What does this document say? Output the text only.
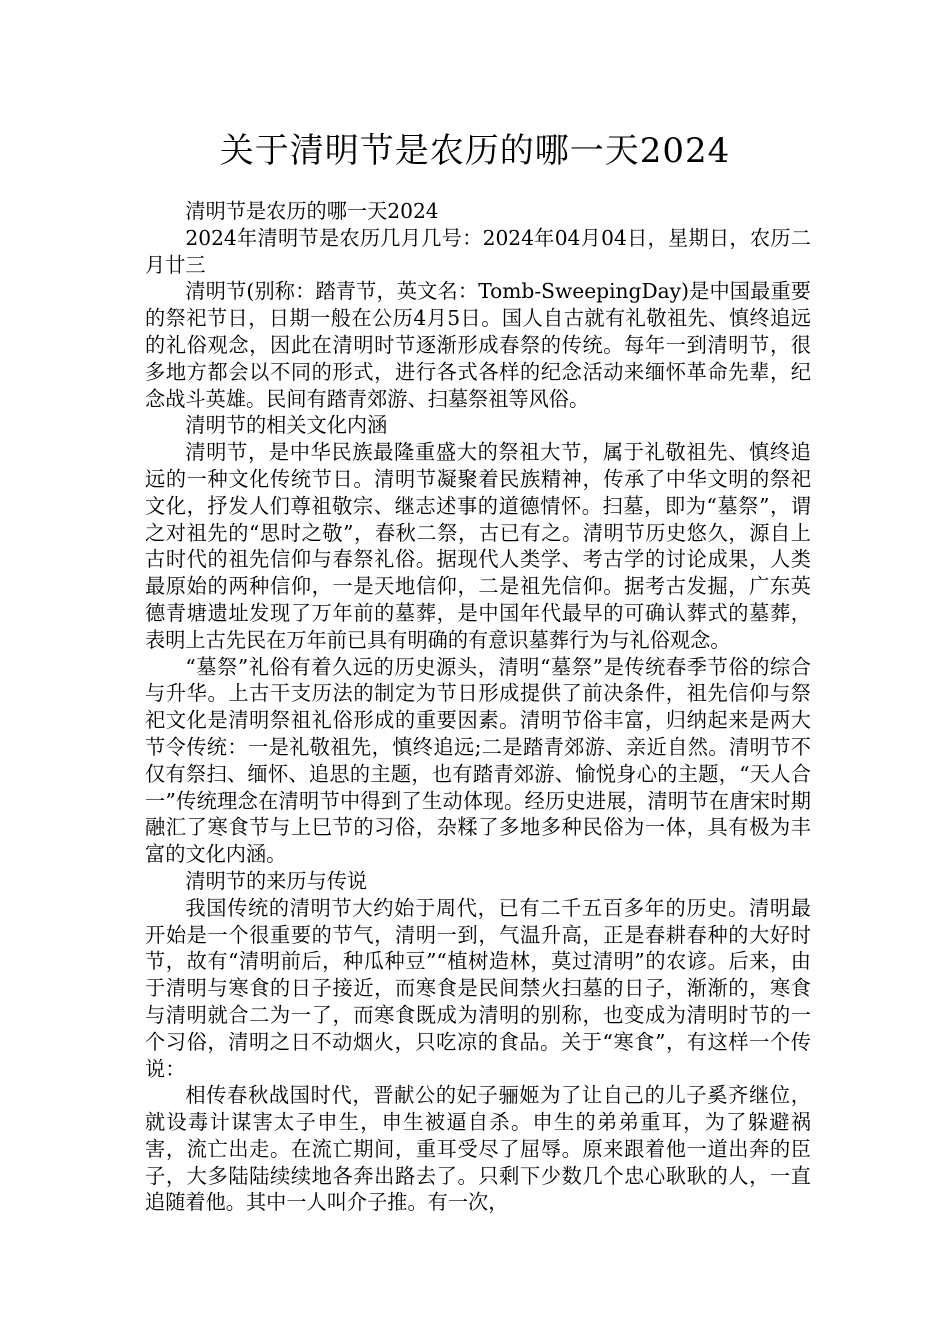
关于清明节是农历的哪一天2024

清明节是农历的哪一天2024

2024年清明节是农历几月几号：2024年04月04日，星期日，农历二月廿三

清明节(别称：踏青节，英文名：Tomb-SweepingDay)是中国最重要的祭祀节日，日期一般在公历4月5日。国人自古就有礼敬祖先、慎终追远的礼俗观念，因此在清明时节逐渐形成春祭的传统。每年一到清明节，很多地方都会以不同的形式，进行各式各样的纪念活动来缅怀革命先辈，纪念战斗英雄。民间有踏青郊游、扫墓祭祖等风俗。

清明节的相关文化内涵

清明节，是中华民族最隆重盛大的祭祖大节，属于礼敬祖先、慎终追远的一种文化传统节日。清明节凝聚着民族精神，传承了中华文明的祭祀文化，抒发人们尊祖敬宗、继志述事的道德情怀。扫墓，即为“墓祭”，谓之对祖先的“思时之敬”，春秋二祭，古已有之。清明节历史悠久，源自上古时代的祖先信仰与春祭礼俗。据现代人类学、考古学的讨论成果，人类最原始的两种信仰，一是天地信仰，二是祖先信仰。据考古发掘，广东英德青塘遗址发现了万年前的墓葬，是中国年代最早的可确认葬式的墓葬，表明上古先民在万年前已具有明确的有意识墓葬行为与礼俗观念。

“墓祭”礼俗有着久远的历史源头，清明“墓祭”是传统春季节俗的综合与升华。上古干支历法的制定为节日形成提供了前决条件，祖先信仰与祭祀文化是清明祭祖礼俗形成的重要因素。清明节俗丰富，归纳起来是两大节令传统：一是礼敬祖先，慎终追远;二是踏青郊游、亲近自然。清明节不仅有祭扫、缅怀、追思的主题，也有踏青郊游、愉悦身心的主题，“天人合一”传统理念在清明节中得到了生动体现。经历史进展，清明节在唐宋时期融汇了寒食节与上巳节的习俗，杂糅了多地多种民俗为一体，具有极为丰富的文化内涵。

清明节的来历与传说

我国传统的清明节大约始于周代，已有二千五百多年的历史。清明最开始是一个很重要的节气，清明一到，气温升高，正是春耕春种的大好时节，故有“清明前后，种瓜种豆”“植树造林，莫过清明”的农谚。后来，由于清明与寒食的日子接近，而寒食是民间禁火扫墓的日子，渐渐的，寒食与清明就合二为一了，而寒食既成为清明的别称，也变成为清明时节的一个习俗，清明之日不动烟火，只吃凉的食品。关于“寒食”，有这样一个传说：

相传春秋战国时代，晋献公的妃子骊姬为了让自己的儿子奚齐继位，就设毒计谋害太子申生，申生被逼自杀。申生的弟弟重耳，为了躲避祸害，流亡出走。在流亡期间，重耳受尽了屈辱。原来跟着他一道出奔的臣子，大多陆陆续续地各奔出路去了。只剩下少数几个忠心耿耿的人，一直追随着他。其中一人叫介子推。有一次，
